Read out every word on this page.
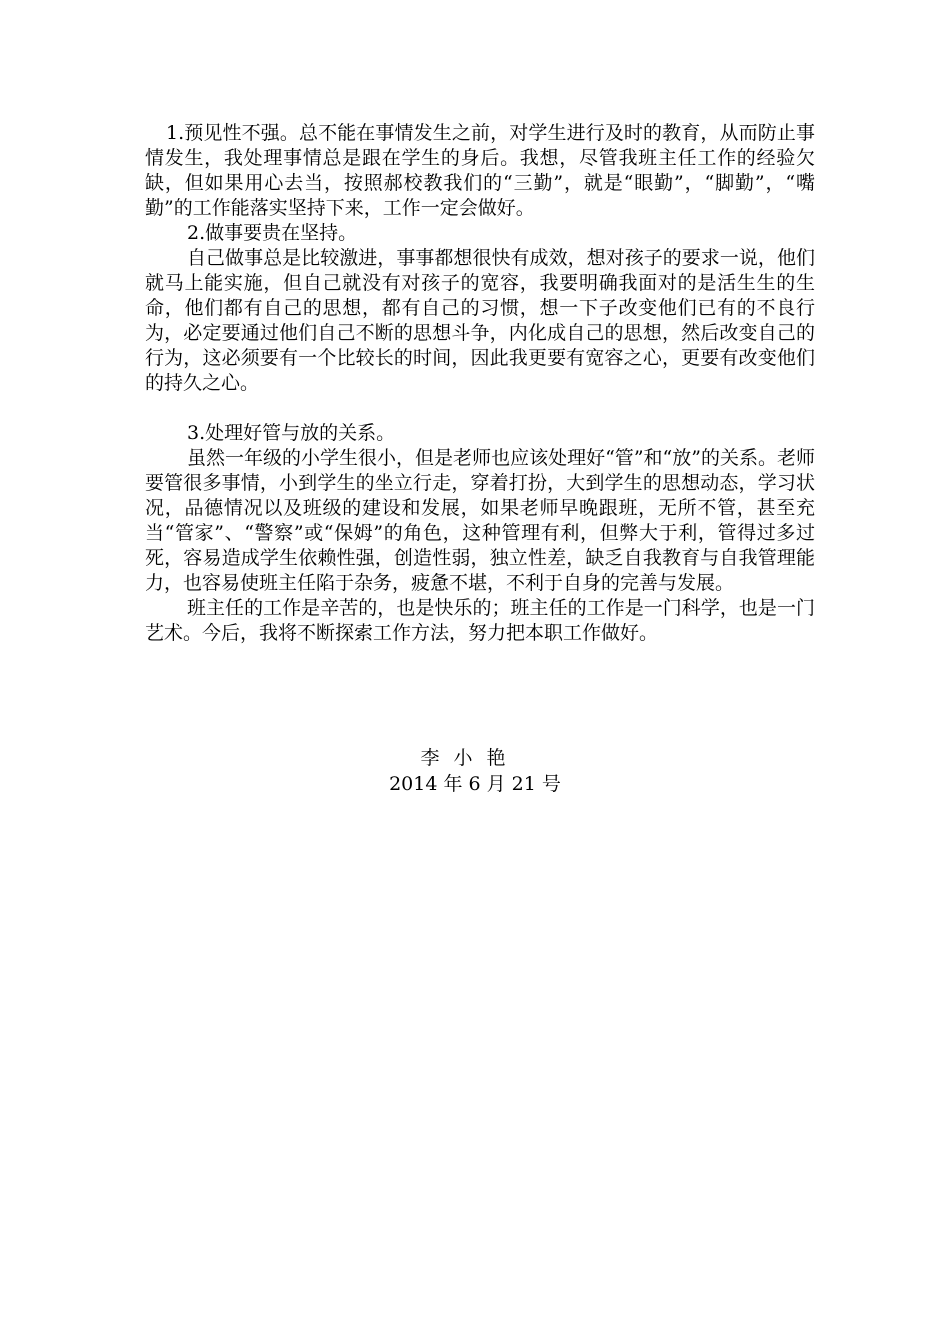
1.预见性不强。总不能在事情发生之前，对学生进行及时的教育，从而防止事情发生，我处理事情总是跟在学生的身后。我想，尽管我班主任工作的经验欠缺，但如果用心去当，按照郝校教我们的“三勤”，就是“眼勤”，“脚勤”，“嘴勤”的工作能落实坚持下来，工作一定会做好。

2.做事要贵在坚持。

自己做事总是比较激进，事事都想很快有成效，想对孩子的要求一说，他们就马上能实施，但自己就没有对孩子的宽容，我要明确我面对的是活生生的生命，他们都有自己的思想，都有自己的习惯，想一下子改变他们已有的不良行为，必定要通过他们自己不断的思想斗争，内化成自己的思想，然后改变自己的行为，这必须要有一个比较长的时间，因此我更要有宽容之心，更要有改变他们的持久之心。

3.处理好管与放的关系。

虽然一年级的小学生很小，但是老师也应该处理好“管”和“放”的关系。老师要管很多事情，小到学生的坐立行走，穿着打扮，大到学生的思想动态，学习状况，品德情况以及班级的建设和发展，如果老师早晚跟班，无所不管，甚至充当“管家”、“警察”或“保姆”的角色，这种管理有利，但弊大于利，管得过多过死，容易造成学生依赖性强，创造性弱，独立性差，缺乏自我教育与自我管理能力，也容易使班主任陷于杂务，疲惫不堪，不利于自身的完善与发展。

班主任的工作是辛苦的，也是快乐的；班主任的工作是一门科学，也是一门艺术。今后，我将不断探索工作方法，努力把本职工作做好。

李 小 艳
2014 年 6 月 21 号
